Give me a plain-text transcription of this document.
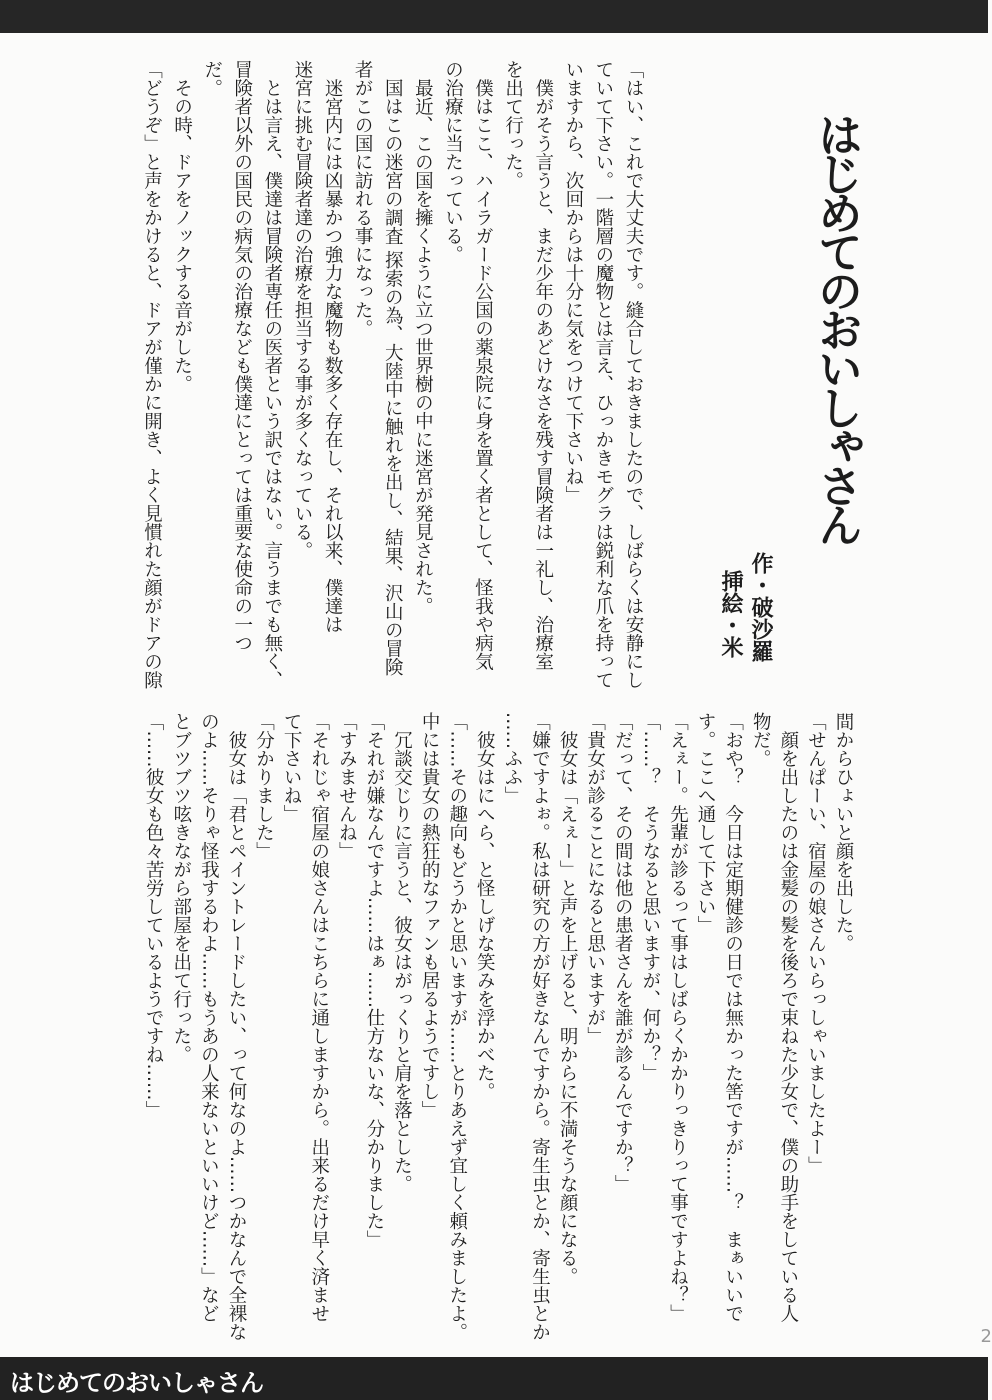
はじめてのおいしゃさん
作・破沙羅
挿絵・米
「はい、これで大丈夫です。縫合しておきましたので、しばらくは安静にし
ていて下さい。一階層の魔物とは言え、ひっかきモグラは鋭利な爪を持って
いますから、次回からは十分に気をつけて下さいね」
　僕がそう言うと、まだ少年のあどけなさを残す冒険者は一礼し、治療室
を出て行った。
　僕はここ、ハイラガード公国の薬泉院に身を置く者として、怪我や病気
の治療に当たっている。
　最近、この国を擁くように立つ世界樹の中に迷宮が発見された。
　国はこの迷宮の調査 探索の為、大陸中に触れを出し、結果、沢山の冒険
者がこの国に訪れる事になった。
　迷宮内には凶暴かつ強力な魔物も数多く存在し、それ以来、僕達は
迷宮に挑む冒険者達の治療を担当する事が多くなっている。
　とは言え、僕達は冒険者専任の医者という訳ではない。言うまでも無く、
冒険者以外の国民の病気の治療なども僕達にとっては重要な使命の一つ
だ。
　その時、ドアをノックする音がした。
「どうぞ」と声をかけると、ドアが僅かに開き、よく見慣れた顔がドアの隙
間からひょいと顔を出した。
「せんぱーい、宿屋の娘さんいらっしゃいましたよー」
　顔を出したのは金髪の髪を後ろで束ねた少女で、僕の助手をしている人
物だ。
「おや？　今日は定期健診の日では無かった筈ですが……？　まぁいいで
す。ここへ通して下さい」
「えぇー。先輩が診るって事はしばらくかかりっきりって事ですよね？」
「……？　そうなると思いますが、何か？」
「だって、その間は他の患者さんを誰が診るんですか？」
「貴女が診ることになると思いますが」
　彼女は「えぇー」と声を上げると、明からに不満そうな顔になる。
「嫌ですよぉ。私は研究の方が好きなんですから。寄生虫とか、寄生虫とか
……ふふ」
　彼女はにへら、と怪しげな笑みを浮かべた。
「……その趣向もどうかと思いますが……とりあえず宜しく頼みましたよ。
中には貴女の熱狂的なファンも居るようですし」
　冗談交じりに言うと、彼女はがっくりと肩を落とした。
「それが嫌なんですよ……はぁ……仕方ないな、分かりました」
「すみませんね」
「それじゃ宿屋の娘さんはこちらに通しますから。出来るだけ早く済ませ
て下さいね」
「分かりました」
　彼女は「君とペイントレードしたい、って何なのよ……つかなんで全裸な
のよ……そりゃ怪我するわよ……もうあの人来ないといいけど……」など
とブツブツ呟きながら部屋を出て行った。
「……彼女も色々苦労しているようですね……」
2
はじめてのおいしゃさん
